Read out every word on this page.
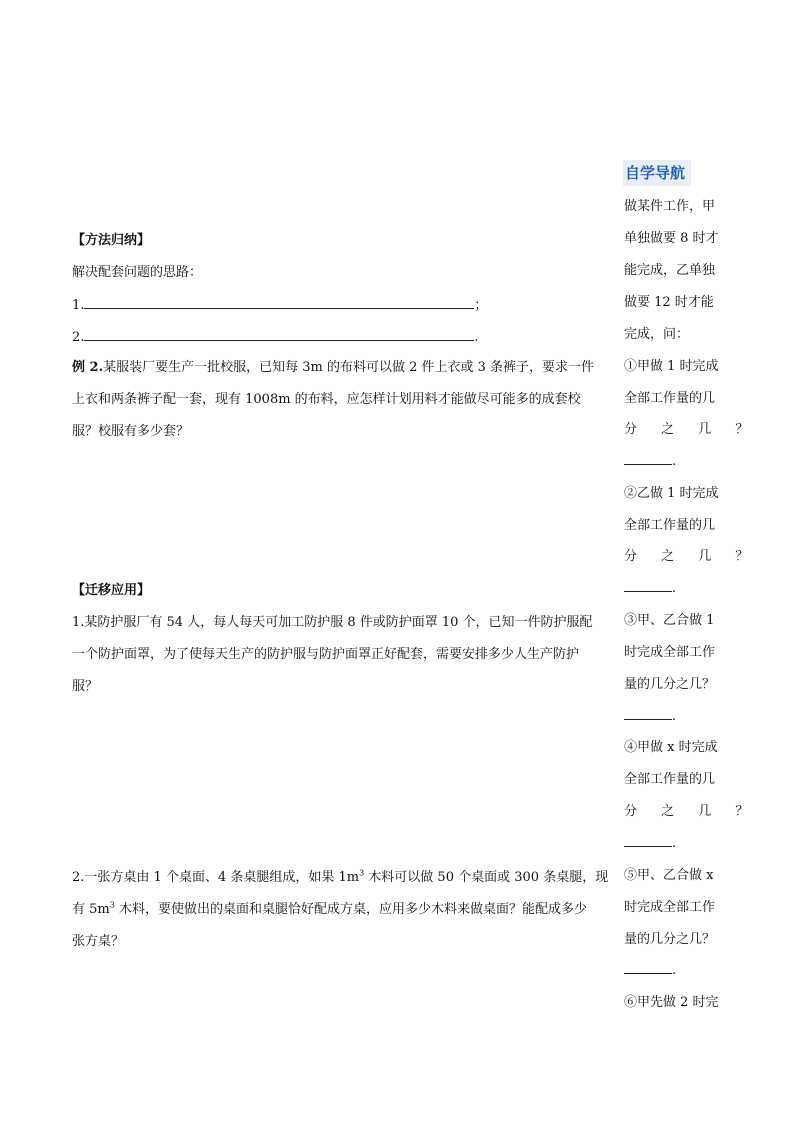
【方法归纳】
解决配套问题的思路：
1.	；
2.	.
例 2.某服装厂要生产一批校服，已知每 3m 的布料可以做 2 件上衣或 3 条裤子，要求一件
上衣和两条裤子配一套，现有 1008m 的布料，应怎样计划用料才能做尽可能多的成套校
服？校服有多少套？
【迁移应用】
1.某防护服厂有 54 人，每人每天可加工防护服 8 件或防护面罩 10 个，已知一件防护服配
一个防护面罩，为了使每天生产的防护服与防护面罩正好配套，需要安排多少人生产防护
服？
2.一张方桌由 1 个桌面、4 条桌腿组成，如果 $1m^3$ 木料可以做 50 个桌面或 300 条桌腿，现
有 $5m^3$ 木料，要使做出的桌面和桌腿恰好配成方桌，应用多少木料来做桌面？能配成多少
张方桌？
自学导航
做某件工作，甲
单独做要 8 时才
能完成，乙单独
做要 12 时才能
完成，问：
①甲做 1 时完成
全部工作量的几
分 之 几 ？
.
②乙做 1 时完成
全部工作量的几
分 之 几 ？
.
③甲、乙合做 1
时完成全部工作
量的几分之几？
.
④甲做 x 时完成
全部工作量的几
分 之 几 ？
.
⑤甲、乙合做 x
时完成全部工作
量的几分之几？
.
⑥甲先做 2 时完
